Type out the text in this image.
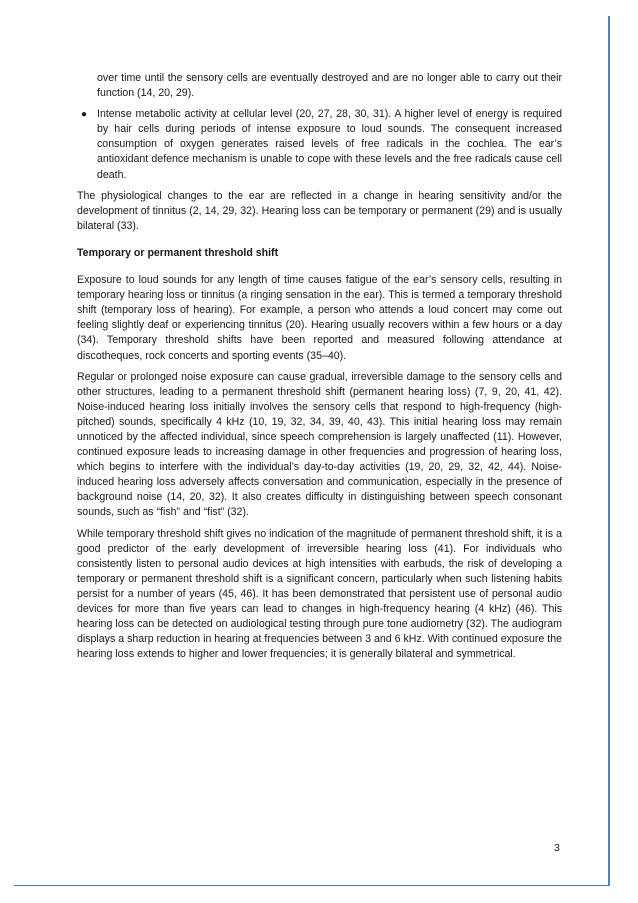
over time until the sensory cells are eventually destroyed and are no longer able to carry out their function (14, 20, 29).

● Intense metabolic activity at cellular level (20, 27, 28, 30, 31). A higher level of energy is required by hair cells during periods of intense exposure to loud sounds. The consequent increased consumption of oxygen generates raised levels of free radicals in the cochlea. The ear’s antioxidant defence mechanism is unable to cope with these levels and the free radicals cause cell death.

The physiological changes to the ear are reflected in a change in hearing sensitivity and/or the development of tinnitus (2, 14, 29, 32). Hearing loss can be temporary or permanent (29) and is usually bilateral (33).

Temporary or permanent threshold shift

Exposure to loud sounds for any length of time causes fatigue of the ear’s sensory cells, resulting in temporary hearing loss or tinnitus (a ringing sensation in the ear). This is termed a temporary threshold shift (temporary loss of hearing). For example, a person who attends a loud concert may come out feeling slightly deaf or experiencing tinnitus (20). Hearing usually recovers within a few hours or a day (34). Temporary threshold shifts have been reported and measured following attendance at discotheques, rock concerts and sporting events (35–40).

Regular or prolonged noise exposure can cause gradual, irreversible damage to the sensory cells and other structures, leading to a permanent threshold shift (permanent hearing loss) (7, 9, 20, 41, 42). Noise-induced hearing loss initially involves the sensory cells that respond to high-frequency (high-pitched) sounds, specifically 4 kHz (10, 19, 32, 34, 39, 40, 43). This initial hearing loss may remain unnoticed by the affected individual, since speech comprehension is largely unaffected (11). However, continued exposure leads to increasing damage in other frequencies and progression of hearing loss, which begins to interfere with the individual’s day-to-day activities (19, 20, 29, 32, 42, 44). Noise-induced hearing loss adversely affects conversation and communication, especially in the presence of background noise (14, 20, 32). It also creates difficulty in distinguishing between speech consonant sounds, such as “fish” and “fist” (32).

While temporary threshold shift gives no indication of the magnitude of permanent threshold shift, it is a good predictor of the early development of irreversible hearing loss (41). For individuals who consistently listen to personal audio devices at high intensities with earbuds, the risk of developing a temporary or permanent threshold shift is a significant concern, particularly when such listening habits persist for a number of years (45, 46). It has been demonstrated that persistent use of personal audio devices for more than five years can lead to changes in high-frequency hearing (4 kHz) (46). This hearing loss can be detected on audiological testing through pure tone audiometry (32). The audiogram displays a sharp reduction in hearing at frequencies between 3 and 6 kHz. With continued exposure the hearing loss extends to higher and lower frequencies; it is generally bilateral and symmetrical.

3
